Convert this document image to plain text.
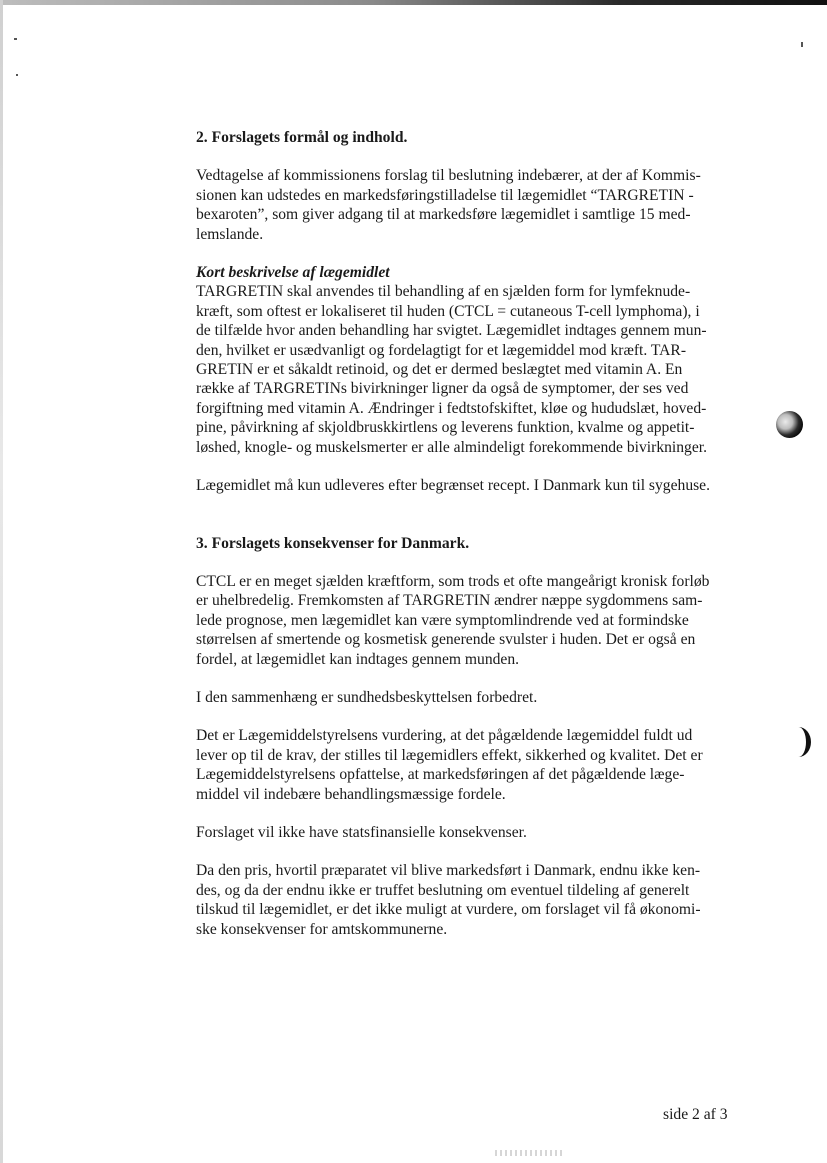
2. Forslagets formål og indhold.

Vedtagelse af kommissionens forslag til beslutning indebærer, at der af Kommis-
sionen kan udstedes en markedsføringstilladelse til lægemidlet “TARGRETIN -
bexaroten”, som giver adgang til at markedsføre lægemidlet i samtlige 15 med-
lemslande.

Kort beskrivelse af lægemidlet

TARGRETIN skal anvendes til behandling af en sjælden form for lymfeknude-
kræft, som oftest er lokaliseret til huden (CTCL = cutaneous T-cell lymphoma), i
de tilfælde hvor anden behandling har svigtet. Lægemidlet indtages gennem mun-
den, hvilket er usædvanligt og fordelagtigt for et lægemiddel mod kræft. TAR-
GRETIN er et såkaldt retinoid, og det er dermed beslægtet med vitamin A. En
række af TARGRETINs bivirkninger ligner da også de symptomer, der ses ved
forgiftning med vitamin A. Ændringer i fedtstofskiftet, kløe og hududslæt, hoved-
pine, påvirkning af skjoldbruskkirtlens og leverens funktion, kvalme og appetit-
løshed, knogle- og muskelsmerter er alle almindeligt forekommende bivirkninger.

Lægemidlet må kun udleveres efter begrænset recept. I Danmark kun til sygehuse.

3. Forslagets konsekvenser for Danmark.

CTCL er en meget sjælden kræftform, som trods et ofte mangeårigt kronisk forløb
er uhelbredelig. Fremkomsten af TARGRETIN ændrer næppe sygdommens sam-
lede prognose, men lægemidlet kan være symptomlindrende ved at formindske
størrelsen af smertende og kosmetisk generende svulster i huden. Det er også en
fordel, at lægemidlet kan indtages gennem munden.

I den sammenhæng er sundhedsbeskyttelsen forbedret.

Det er Lægemiddelstyrelsens vurdering, at det pågældende lægemiddel fuldt ud
lever op til de krav, der stilles til lægemidlers effekt, sikkerhed og kvalitet. Det er
Lægemiddelstyrelsens opfattelse, at markedsføringen af det pågældende læge-
middel vil indebære behandlingsmæssige fordele.

Forslaget vil ikke have statsfinansielle konsekvenser.

Da den pris, hvortil præparatet vil blive markedsført i Danmark, endnu ikke ken-
des, og da der endnu ikke er truffet beslutning om eventuel tildeling af generelt
tilskud til lægemidlet, er det ikke muligt at vurdere, om forslaget vil få økonomi-
ske konsekvenser for amtskommunerne.

side 2 af 3
